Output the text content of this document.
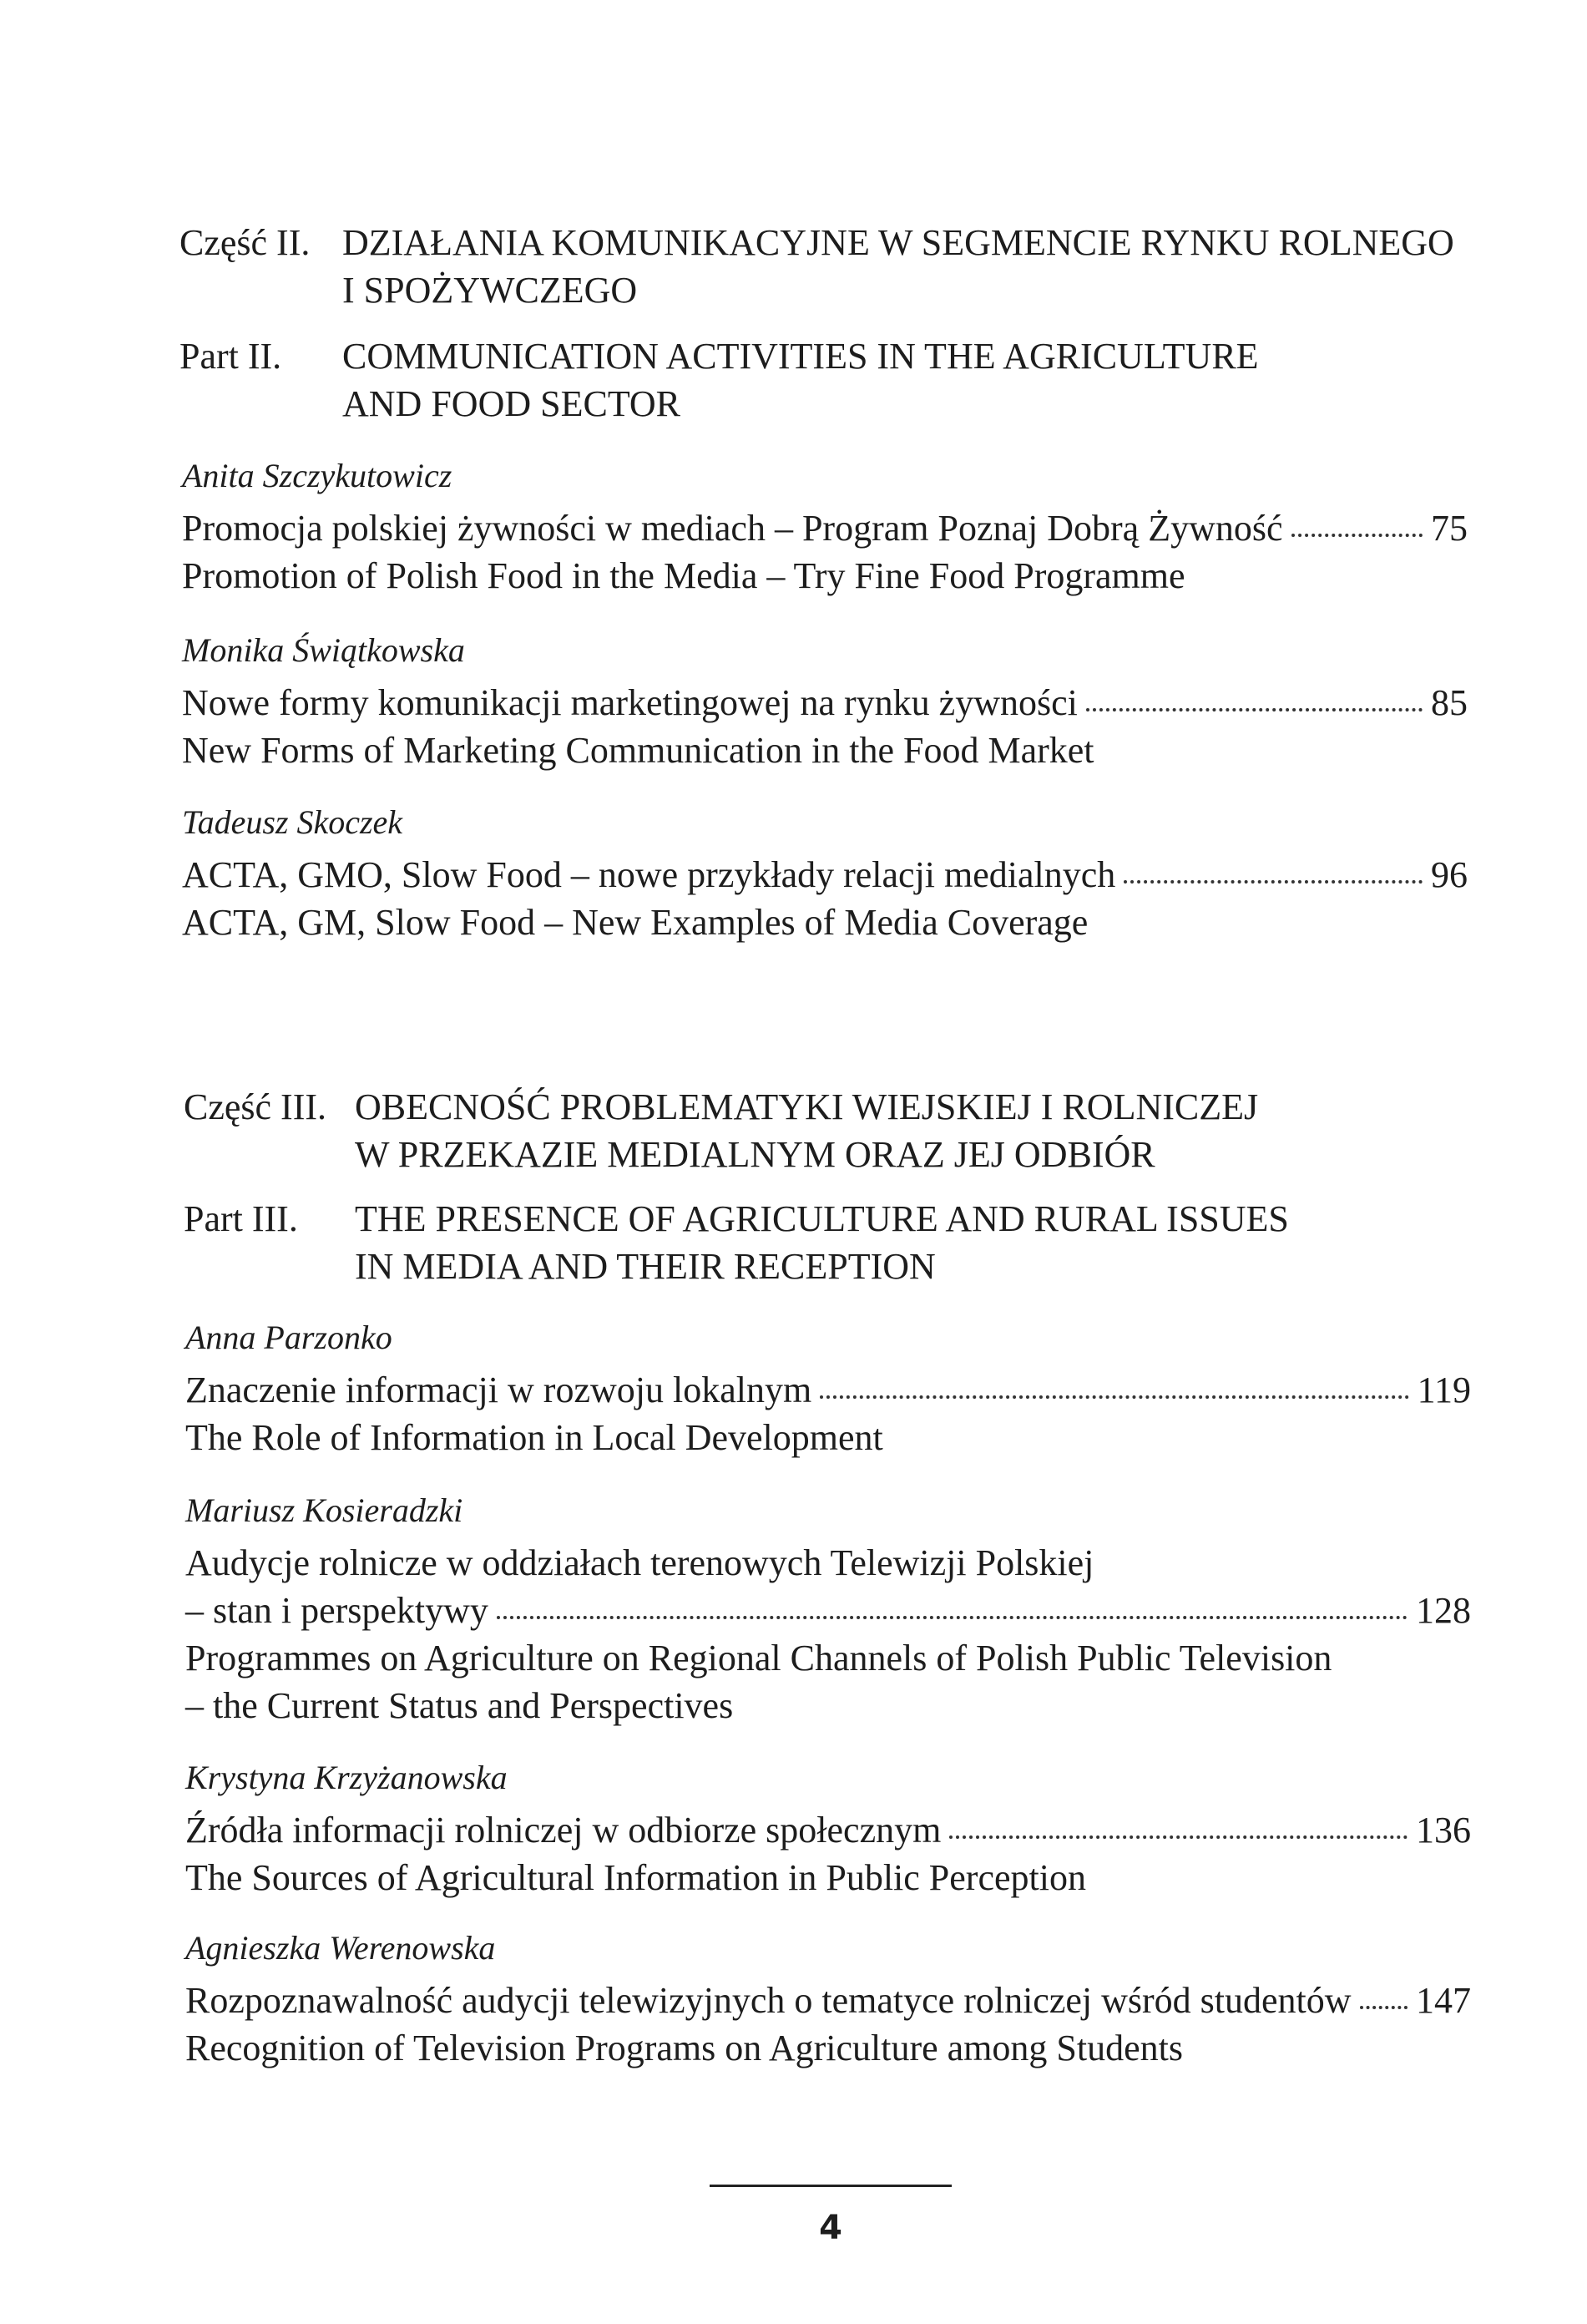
Część II. DZIAŁANIA KOMUNIKACYJNE W SEGMENCIE RYNKU ROLNEGO
I SPOŻYWCZEGO
Part II.	COMMUNICATION ACTIVITIES IN THE AGRICULTURE
AND FOOD SECTOR
Anita Szczykutowicz
Promocja polskiej żywności w mediach – Program Poznaj Dobrą Żywność	75
Promotion of Polish Food in the Media – Try Fine Food Programme
Monika Świątkowska
Nowe formy komunikacji marketingowej na rynku żywności	85
New Forms of Marketing Communication in the Food Market
Tadeusz Skoczek
ACTA, GMO, Slow Food – nowe przykłady relacji medialnych	96
ACTA, GM, Slow Food – New Examples of Media Coverage
Część III. OBECNOŚĆ PROBLEMATYKI WIEJSKIEJ I ROLNICZEJ
W PRZEKAZIE MEDIALNYM ORAZ JEJ ODBIÓR
Part III.	THE PRESENCE OF AGRICULTURE AND RURAL ISSUES
IN MEDIA AND THEIR RECEPTION
Anna Parzonko
Znaczenie informacji w rozwoju lokalnym	119
The Role of Information in Local Development
Mariusz Kosieradzki
Audycje rolnicze w oddziałach terenowych Telewizji Polskiej
– stan i perspektywy	128
Programmes on Agriculture on Regional Channels of Polish Public Television
– the Current Status and Perspectives
Krystyna Krzyżanowska
Źródła informacji rolniczej w odbiorze społecznym	136
The Sources of Agricultural Information in Public Perception
Agnieszka Werenowska
Rozpoznawalność audycji telewizyjnych o tematyce rolniczej wśród studentów 147
Recognition of Television Programs on Agriculture among Students
4
